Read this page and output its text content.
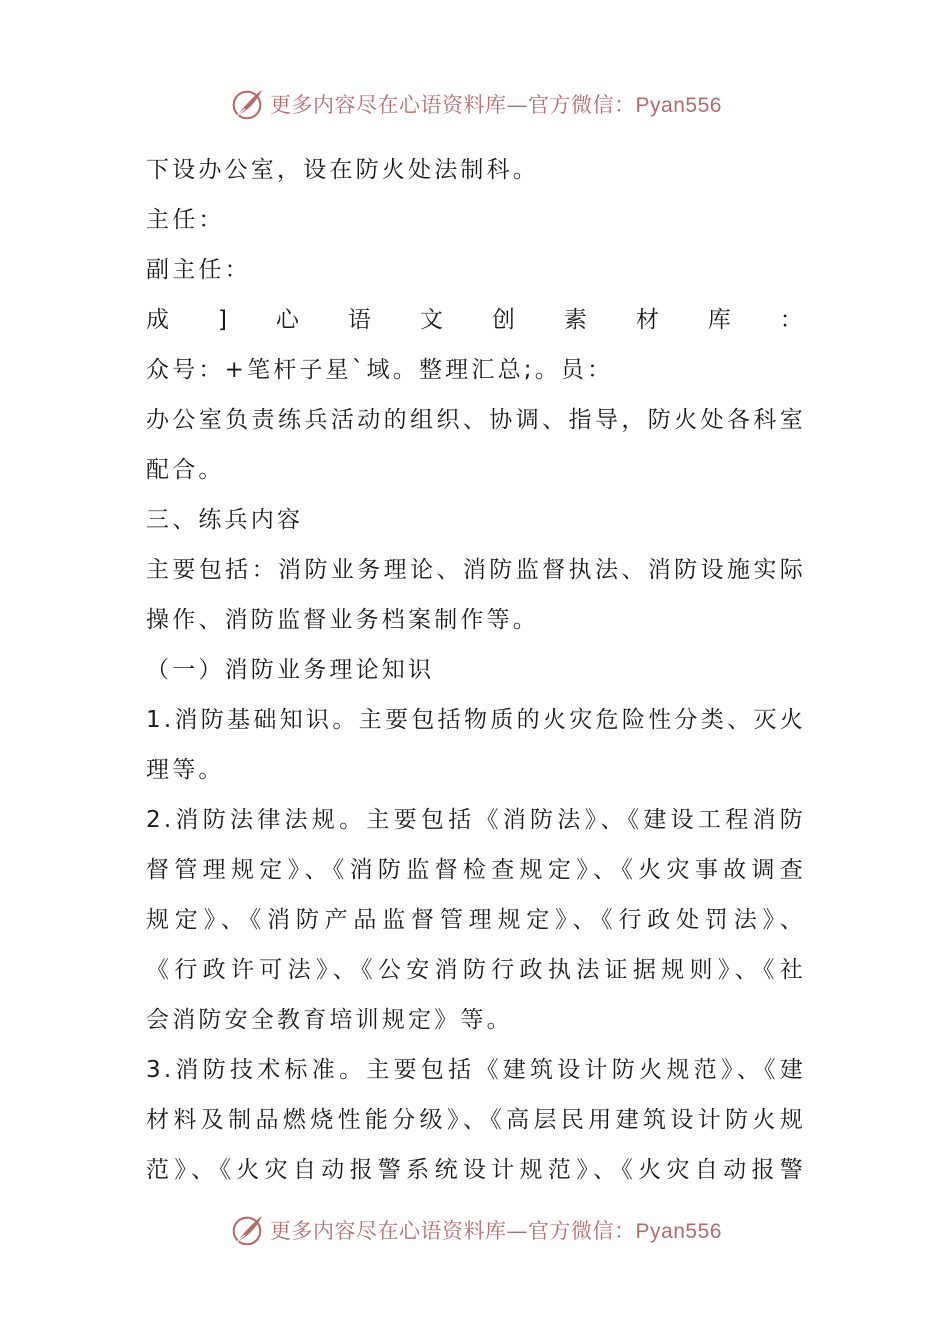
更多内容尽在心语资料库—官方微信：Pyan556
下设办公室，设在防火处法制科。
主任：
副主任：
成]心语文创素材库：
众号：+笔杆子星`域。整理汇总;。员：
办公室负责练兵活动的组织、协调、指导，防火处各科室
配合。
三、练兵内容
主要包括：消防业务理论、消防监督执法、消防设施实际
操作、消防监督业务档案制作等。
（一）消防业务理论知识
1.消防基础知识。主要包括物质的火灾危险性分类、灭火
理等。
2.消防法律法规。主要包括《消防法》、《建设工程消防
督管理规定》、《消防监督检查规定》、《火灾事故调查
规定》、《消防产品监督管理规定》、《行政处罚法》、
《行政许可法》、《公安消防行政执法证据规则》、《社
会消防安全教育培训规定》等。
3.消防技术标准。主要包括《建筑设计防火规范》、《建
材料及制品燃烧性能分级》、《高层民用建筑设计防火规
范》、《火灾自动报警系统设计规范》、《火灾自动报警
更多内容尽在心语资料库—官方微信：Pyan556
